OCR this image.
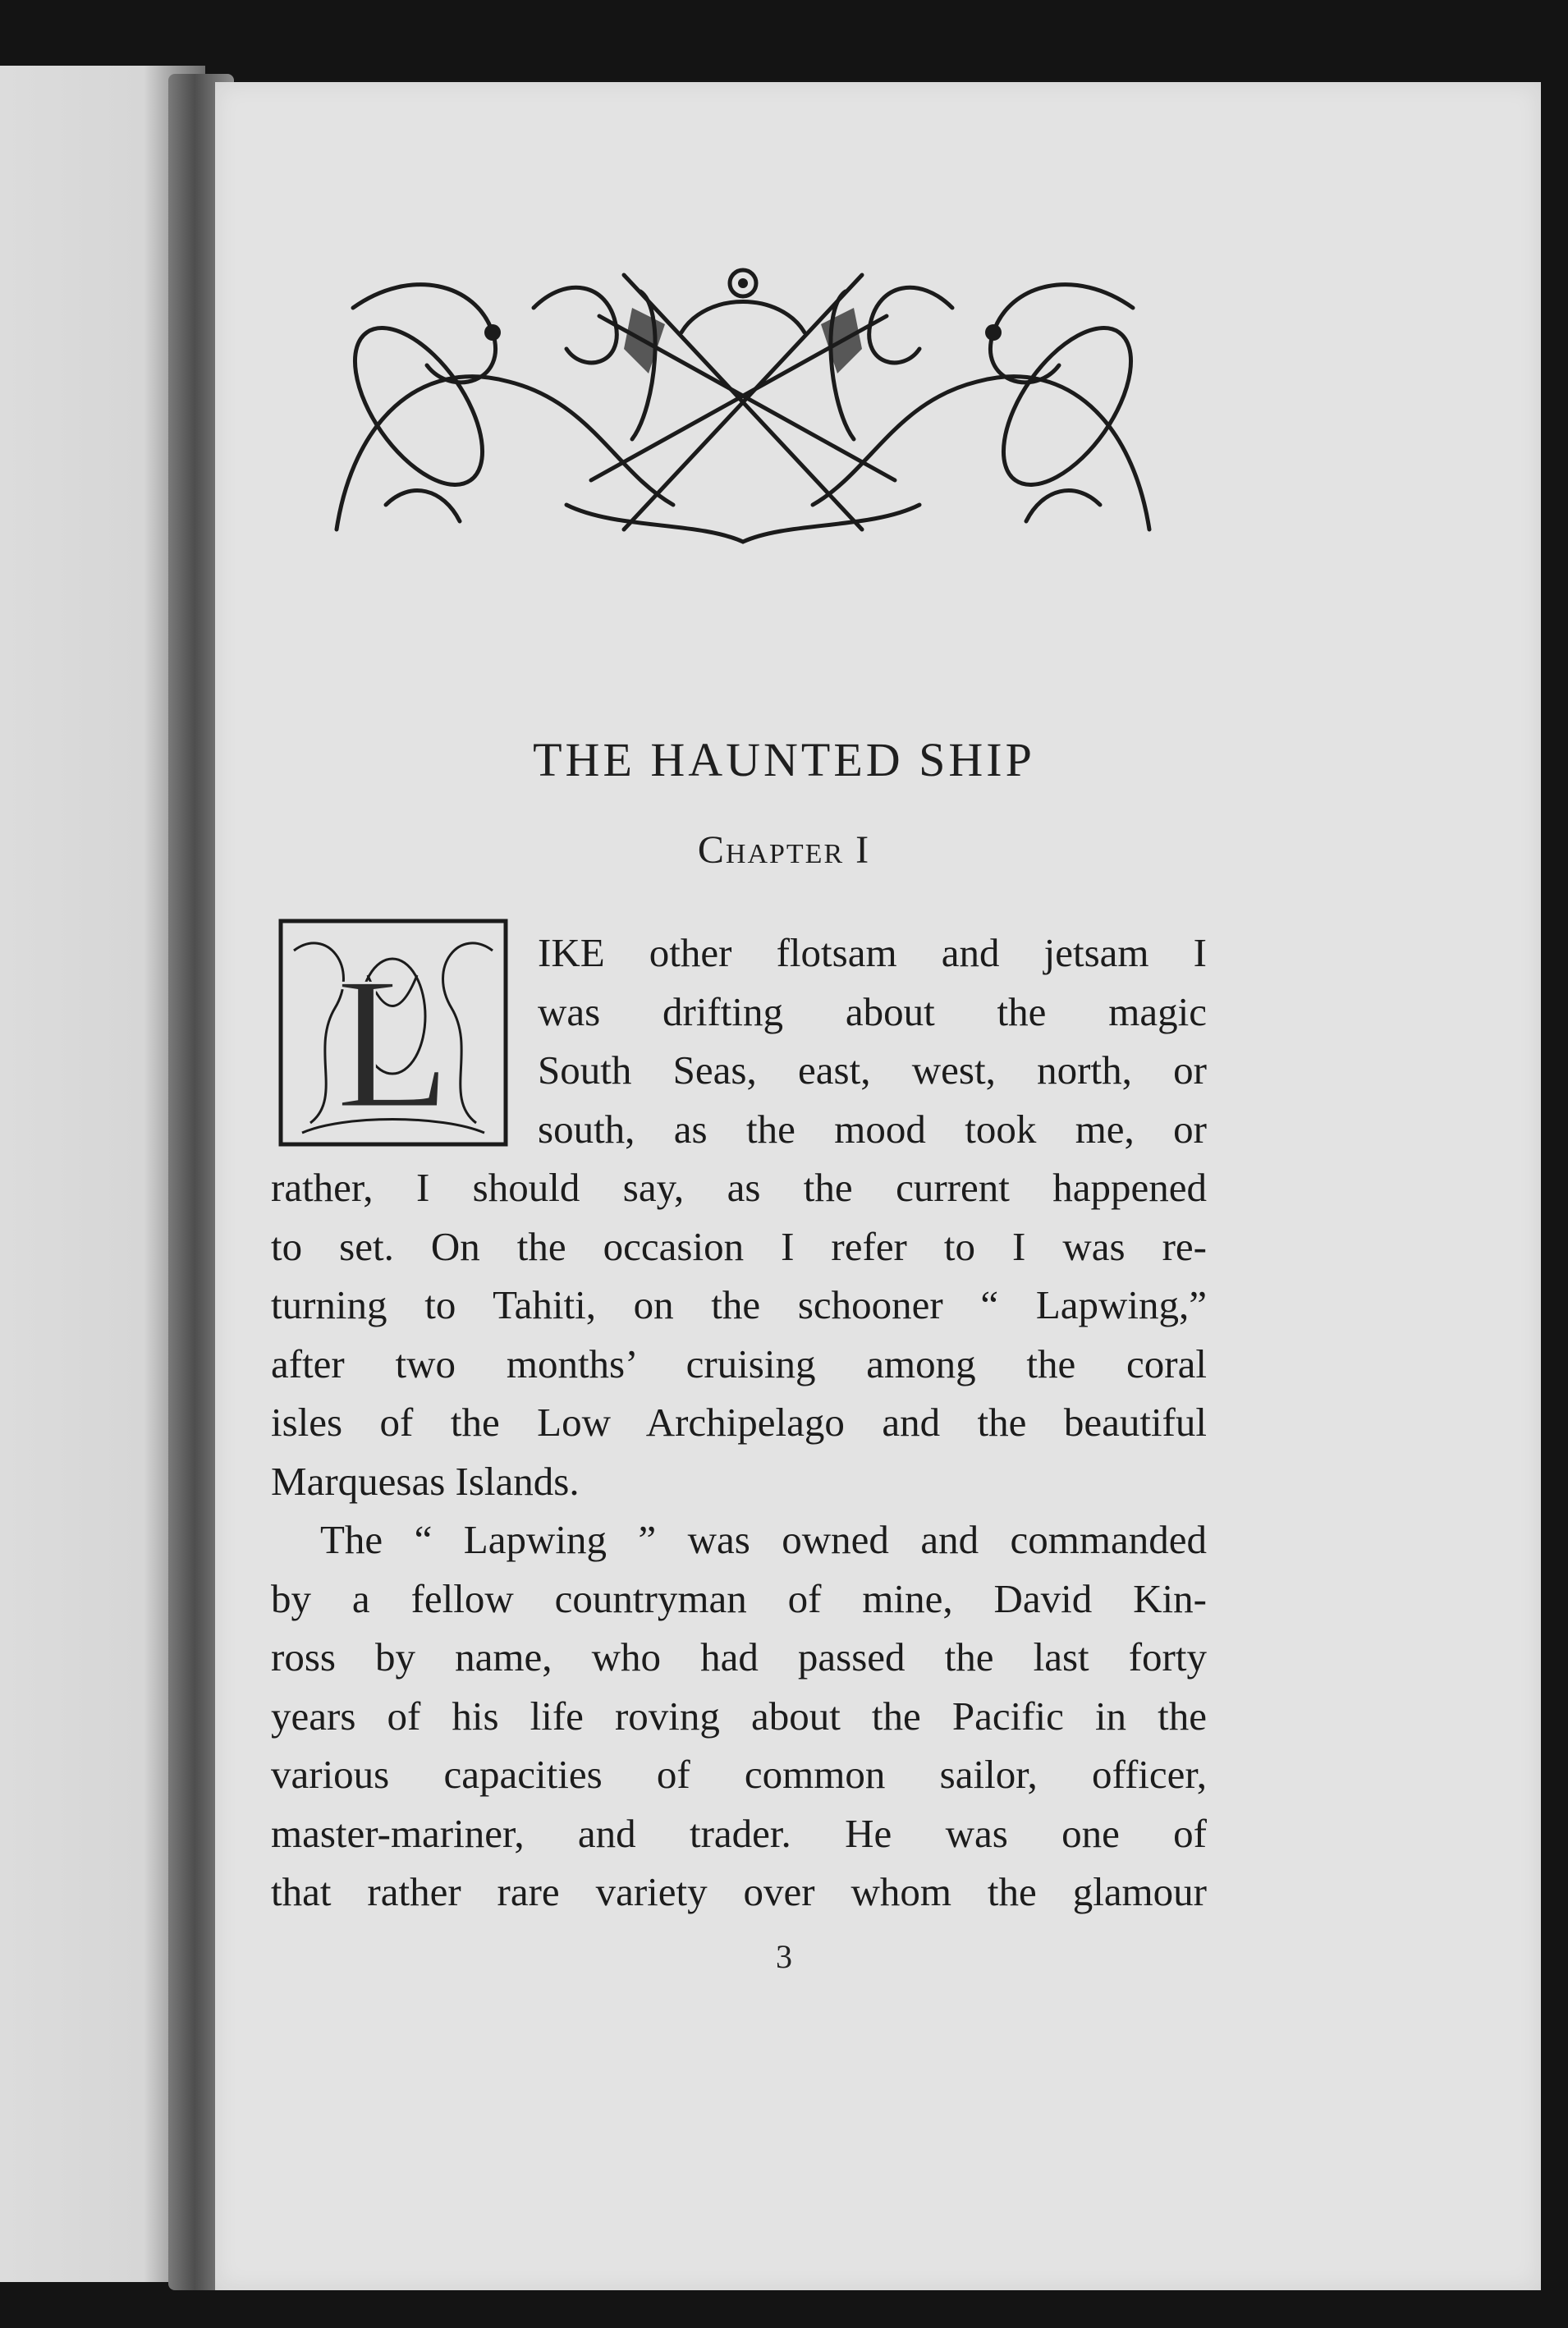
THE HAUNTED SHIP
Chapter I
L	IKE other flotsam and jetsam I
was drifting about the magic
South Seas, east, west, north, or
south, as the mood took me, or
rather, I should say, as the current happened
to set. On the occasion I refer to I was re-
turning to Tahiti, on the schooner “ Lapwing,”
after two months’ cruising among the coral
isles of the Low Archipelago and the beautiful
Marquesas Islands.
The “ Lapwing ” was owned and commanded
by a fellow countryman of mine, David Kin-
ross by name, who had passed the last forty
years of his life roving about the Pacific in the
various capacities of common sailor, officer,
master-mariner, and trader. He was one of
that rather rare variety over whom the glamour
3
